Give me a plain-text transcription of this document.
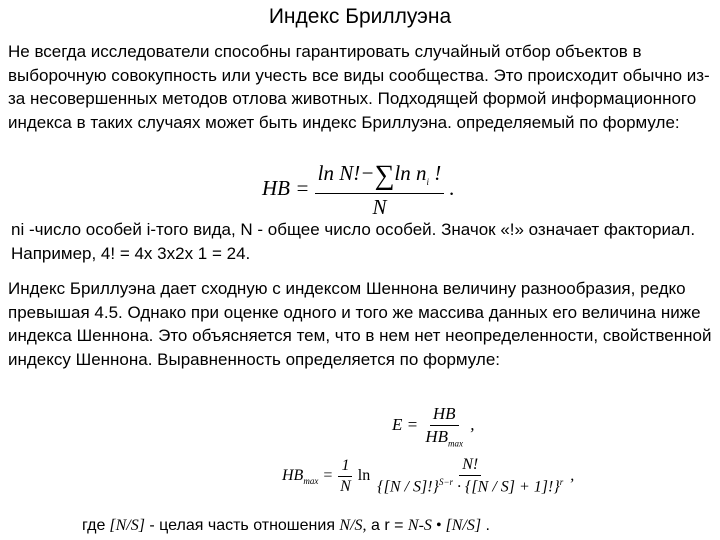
Индекс Бриллуэна

Не всегда исследователи способны гарантировать случайный отбор объектов в выборочную совокупность или учесть все виды сообщества. Это происходит обычно из-за несовершенных методов отлова животных. Подходящей формой информационного индекса в таких случаях может быть индекс Бриллуэна. определяемый по формуле:

HB = $\frac{\ln N!-\sum\ln n_i !}{N}$ .

ni -число особей i-того вида, N - общее число особей. Значок «!» означает факториал. Например, 4! = 4х 3х2х 1 = 24.

Индекс Бриллуэна дает сходную с индексом Шеннона величину разнообразия, редко превышая 4.5. Однако при оценке одного и того же массива данных его величина ниже индекса Шеннона. Это объясняется тем, что в нем нет неопределенности, свойственной индексу Шеннона. Выравненность определяется по формуле:

$E = \frac{HB}{HB_{max}}$ ,
$HB_{max} = \frac{1}{N}$ $\ln \frac{N!}{\{[N / S]!\}^{S-r} \cdot \{[N / S] + 1]!\}^r}$ ,
где [N/S] - целая часть отношения N/S, а r = N-S • [N/S] .
